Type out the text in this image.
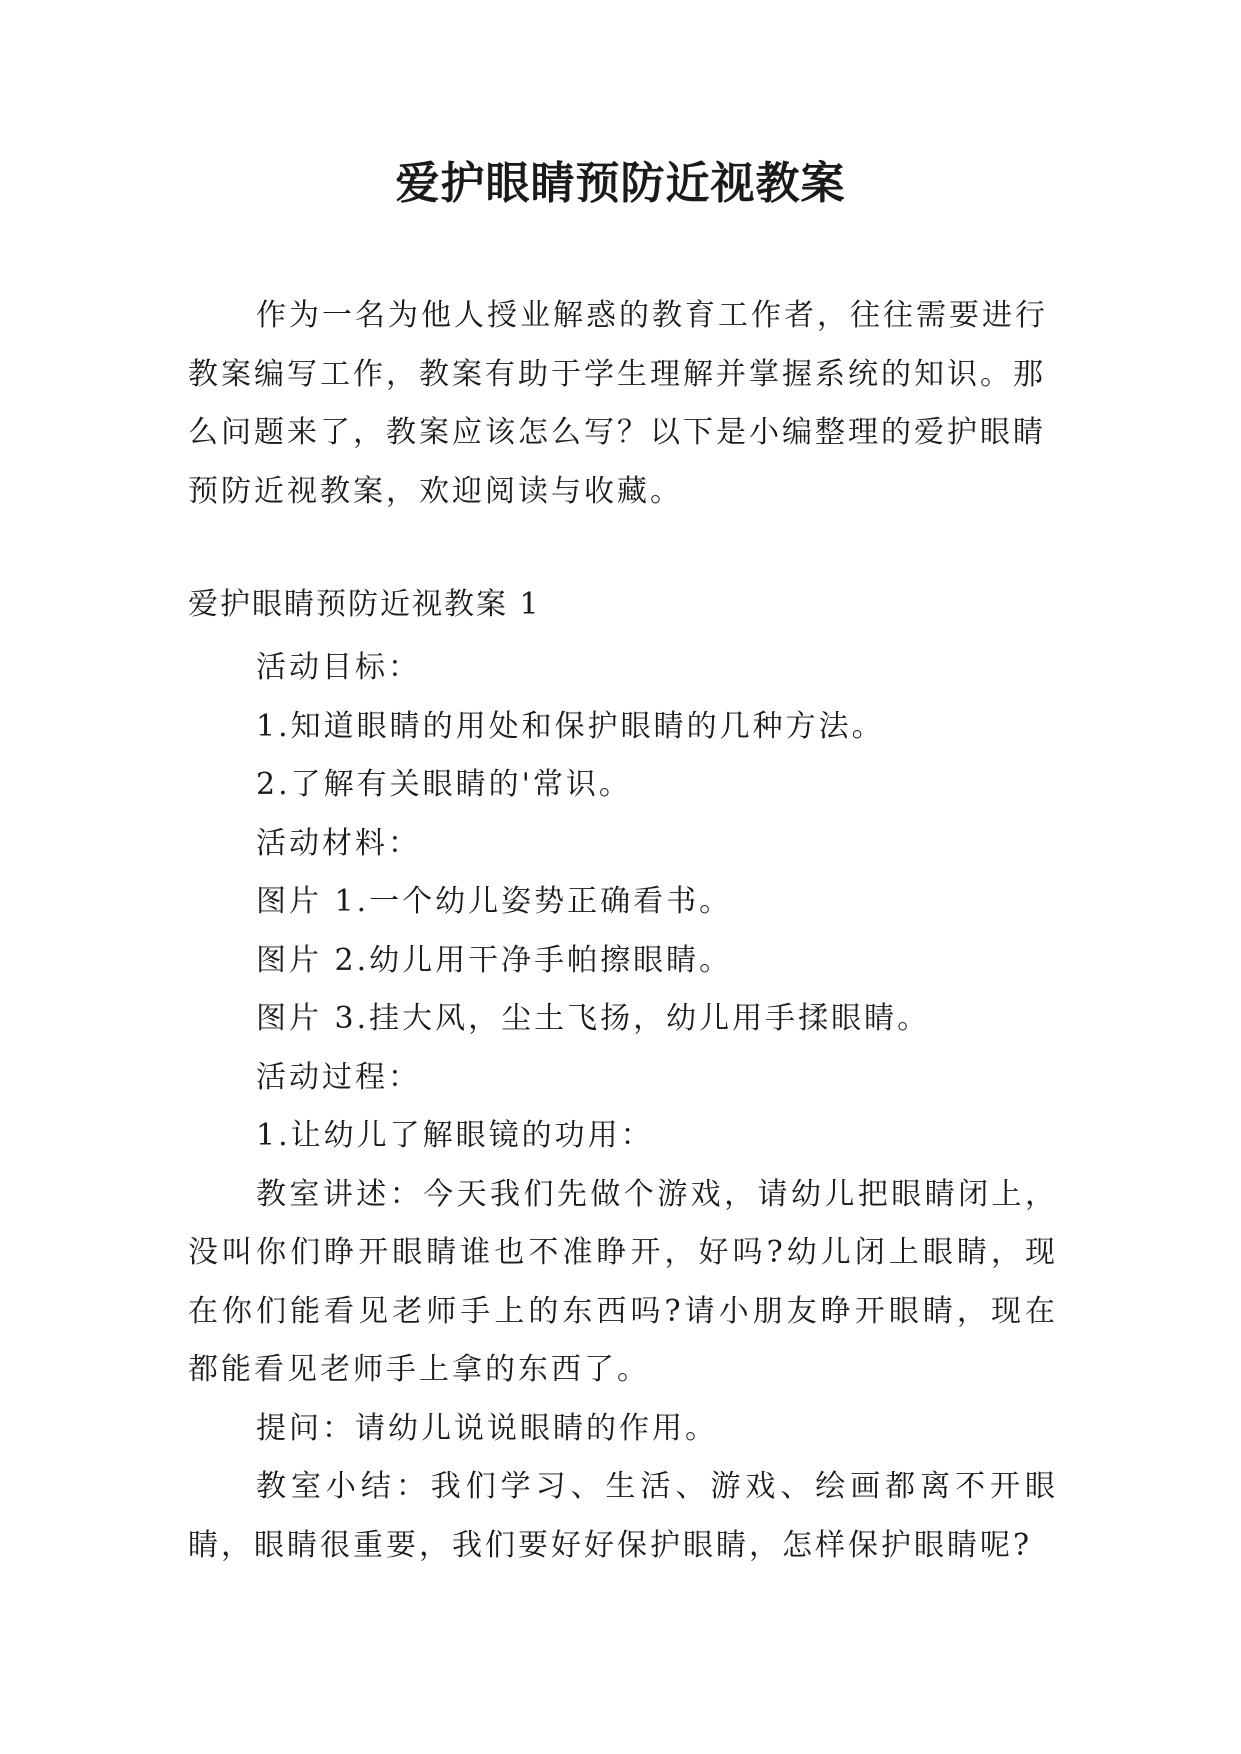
爱护眼睛预防近视教案

作为一名为他人授业解惑的教育工作者，往往需要进行教案编写工作，教案有助于学生理解并掌握系统的知识。那么问题来了，教案应该怎么写？以下是小编整理的爱护眼睛预防近视教案，欢迎阅读与收藏。

爱护眼睛预防近视教案 1

活动目标：

1.知道眼睛的用处和保护眼睛的几种方法。

2.了解有关眼睛的'常识。

活动材料：

图片 1.一个幼儿姿势正确看书。

图片 2.幼儿用干净手帕擦眼睛。

图片 3.挂大风，尘土飞扬，幼儿用手揉眼睛。

活动过程：

1.让幼儿了解眼镜的功用：

教室讲述：今天我们先做个游戏，请幼儿把眼睛闭上，没叫你们睁开眼睛谁也不准睁开，好吗?幼儿闭上眼睛，现在你们能看见老师手上的东西吗?请小朋友睁开眼睛，现在都能看见老师手上拿的东西了。

提问：请幼儿说说眼睛的作用。

教室小结：我们学习、生活、游戏、绘画都离不开眼睛，眼睛很重要，我们要好好保护眼睛，怎样保护眼睛呢?
